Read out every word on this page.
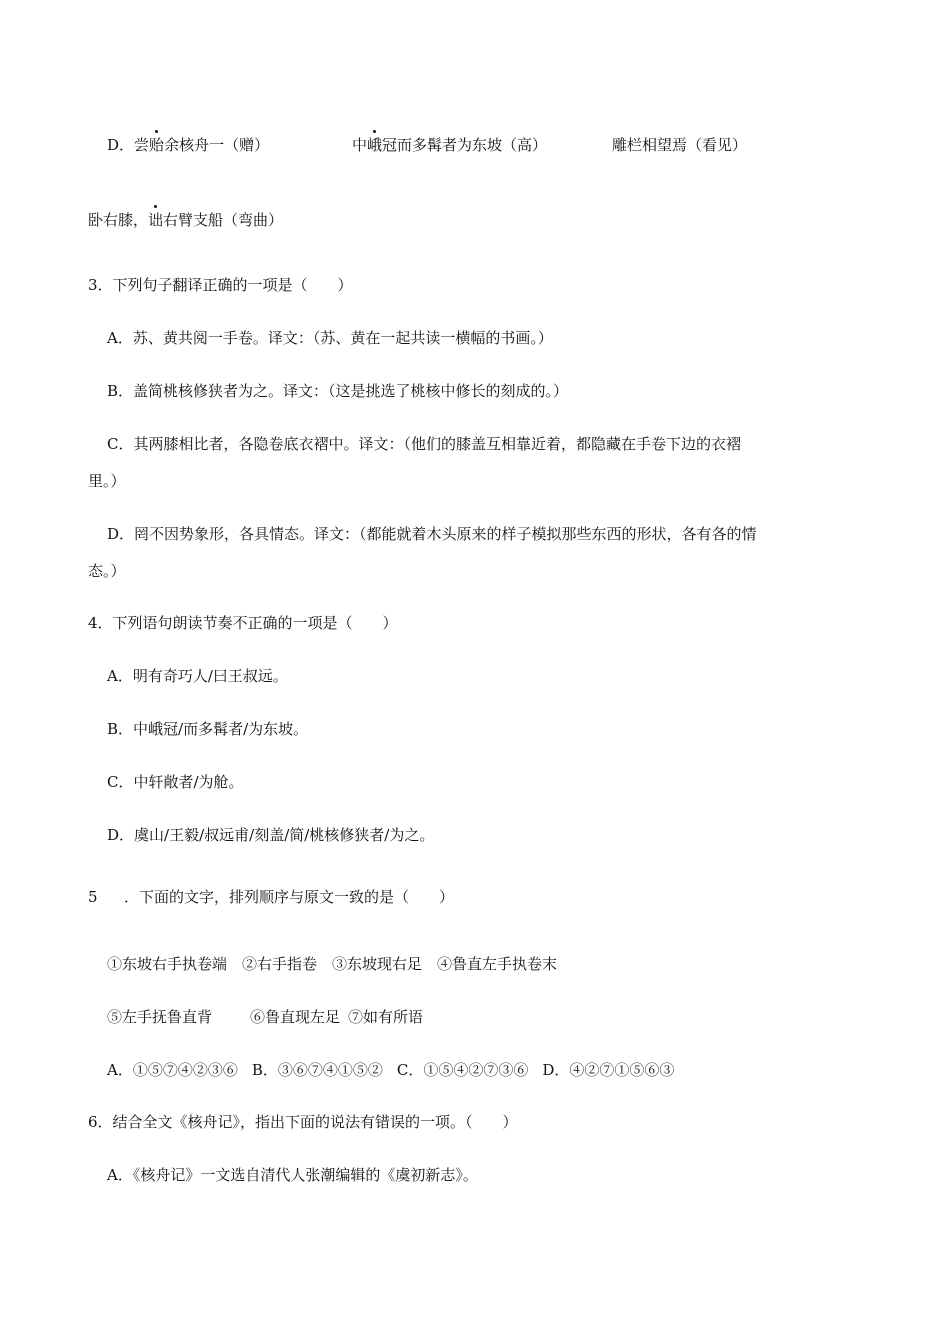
D．尝贻余核舟一（赠）	中峨冠而多髯者为东坡（高）	雕栏相望焉（看见）
卧右膝，诎右臂支船（弯曲）
3．下列句子翻译正确的一项是（　　）
A．苏、黄共阅一手卷。译文：（苏、黄在一起共读一横幅的书画。）
B．盖简桃核修狭者为之。译文：（这是挑选了桃核中修长的刻成的。）
C．其两膝相比者，各隐卷底衣褶中。译文：（他们的膝盖互相靠近着，都隐藏在手卷下边的衣褶
里。）
D．罔不因势象形，各具情态。译文：（都能就着木头原来的样子模拟那些东西的形状，各有各的情
态。）
4．下列语句朗读节奏不正确的一项是（　　）
A．明有奇巧人/曰王叔远。
B．中峨冠/而多髯者/为东坡。
C．中轩敞者/为舱。
D．虞山/王毅/叔远甫/刻盖/简/桃核修狭者/为之。
5 ．下面的文字，排列顺序与原文一致的是（　　）
①东坡右手执卷端 ②右手指卷 ③东坡现右足 ④鲁直左手执卷末
⑤左手抚鲁直背	⑥鲁直现左足 ⑦如有所语
A．①⑤⑦④②③⑥ B．③⑥⑦④①⑤② C．①⑤④②⑦③⑥ D．④②⑦①⑤⑥③
6．结合全文《核舟记》，指出下面的说法有错误的一项。（　　）
A．《核舟记》一文选自清代人张潮编辑的《虞初新志》。
